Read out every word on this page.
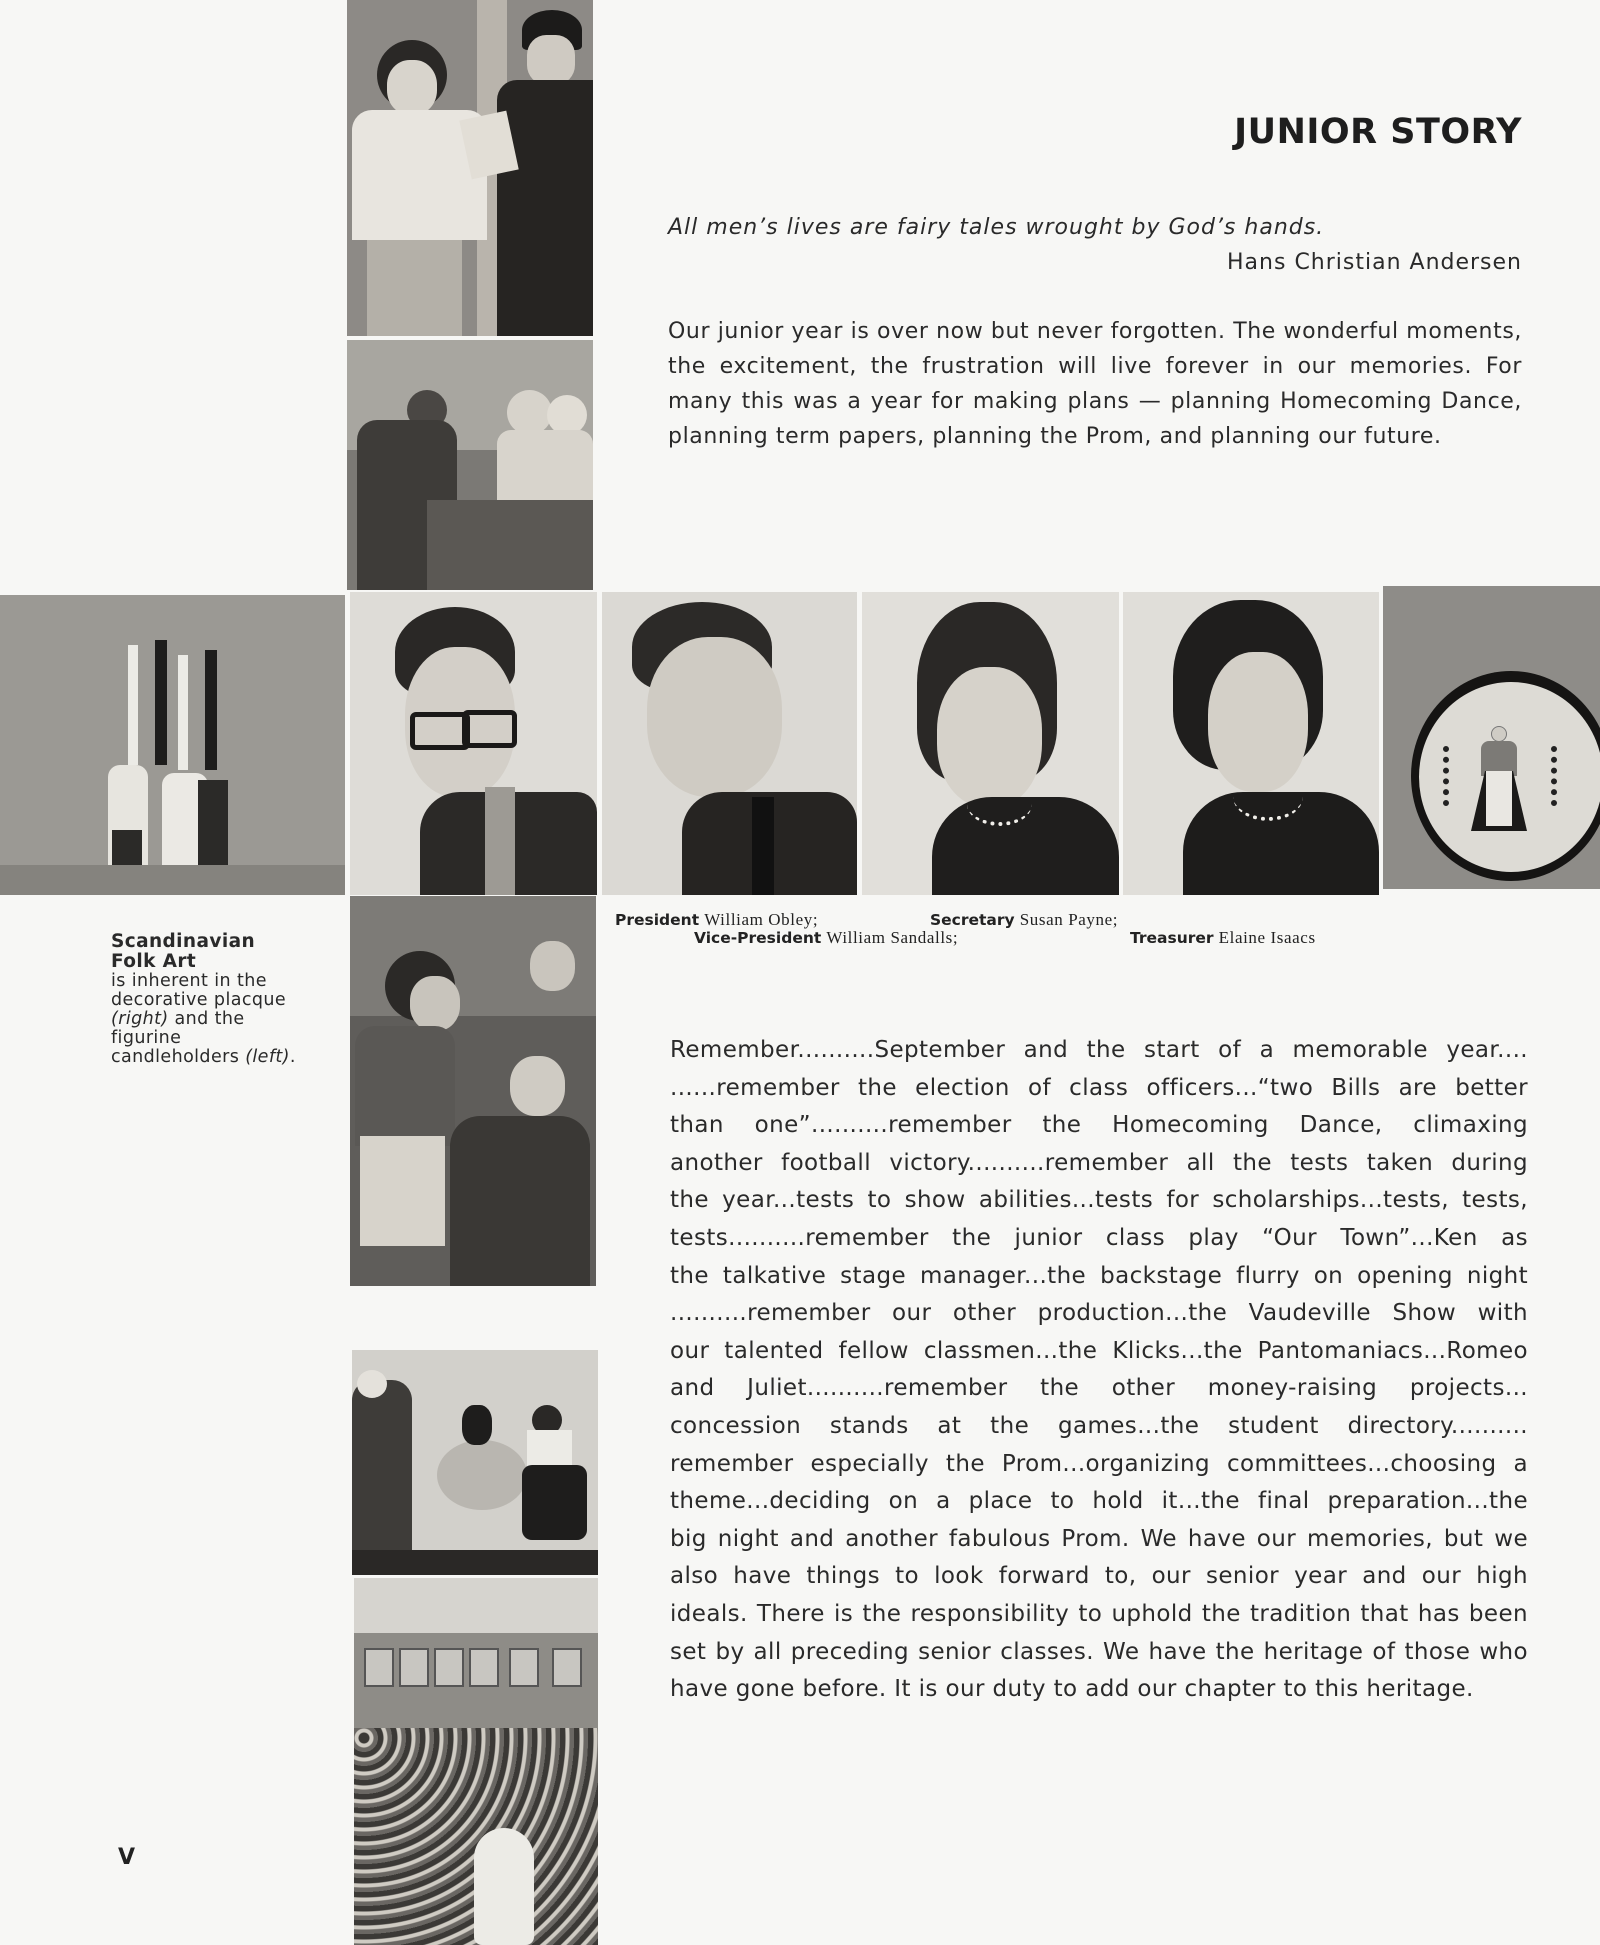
JUNIOR STORY
All men’s lives are fairy tales wrought by God’s hands.
Hans Christian Andersen
Our junior year is over now but never forgotten. The wonderful moments, the excitement, the frustration will live forever in our memories. For many this was a year for making plans — planning Homecoming Dance, planning term papers, planning the Prom, and planning our future.
Scandinavian Folk Art
is inherent in the decorative placque (right) and the figurine candleholders (left).
President William Obley;
Vice-President William Sandalls;
Secretary Susan Payne;
Treasurer Elaine Isaacs
Remember..........September and the start of a memorable year....
......remember the election of class officers...“two Bills are better
than one”..........remember the Homecoming Dance, climaxing
another football victory..........remember all the tests taken during
the year...tests to show abilities...tests for scholarships...tests, tests,
tests..........remember the junior class play “Our Town”...Ken as
the talkative stage manager...the backstage flurry on opening night
..........remember our other production...the Vaudeville Show with
our talented fellow classmen...the Klicks...the Pantomaniacs...Romeo
and Juliet..........remember the other money-raising projects...
concession stands at the games...the student directory..........
remember especially the Prom...organizing committees...choosing a
theme...deciding on a place to hold it...the final preparation...the
big night and another fabulous Prom. We have our memories, but we
also have things to look forward to, our senior year and our high
ideals. There is the responsibility to uphold the tradition that has been
set by all preceding senior classes. We have the heritage of those who
have gone before. It is our duty to add our chapter to this heritage.
V
